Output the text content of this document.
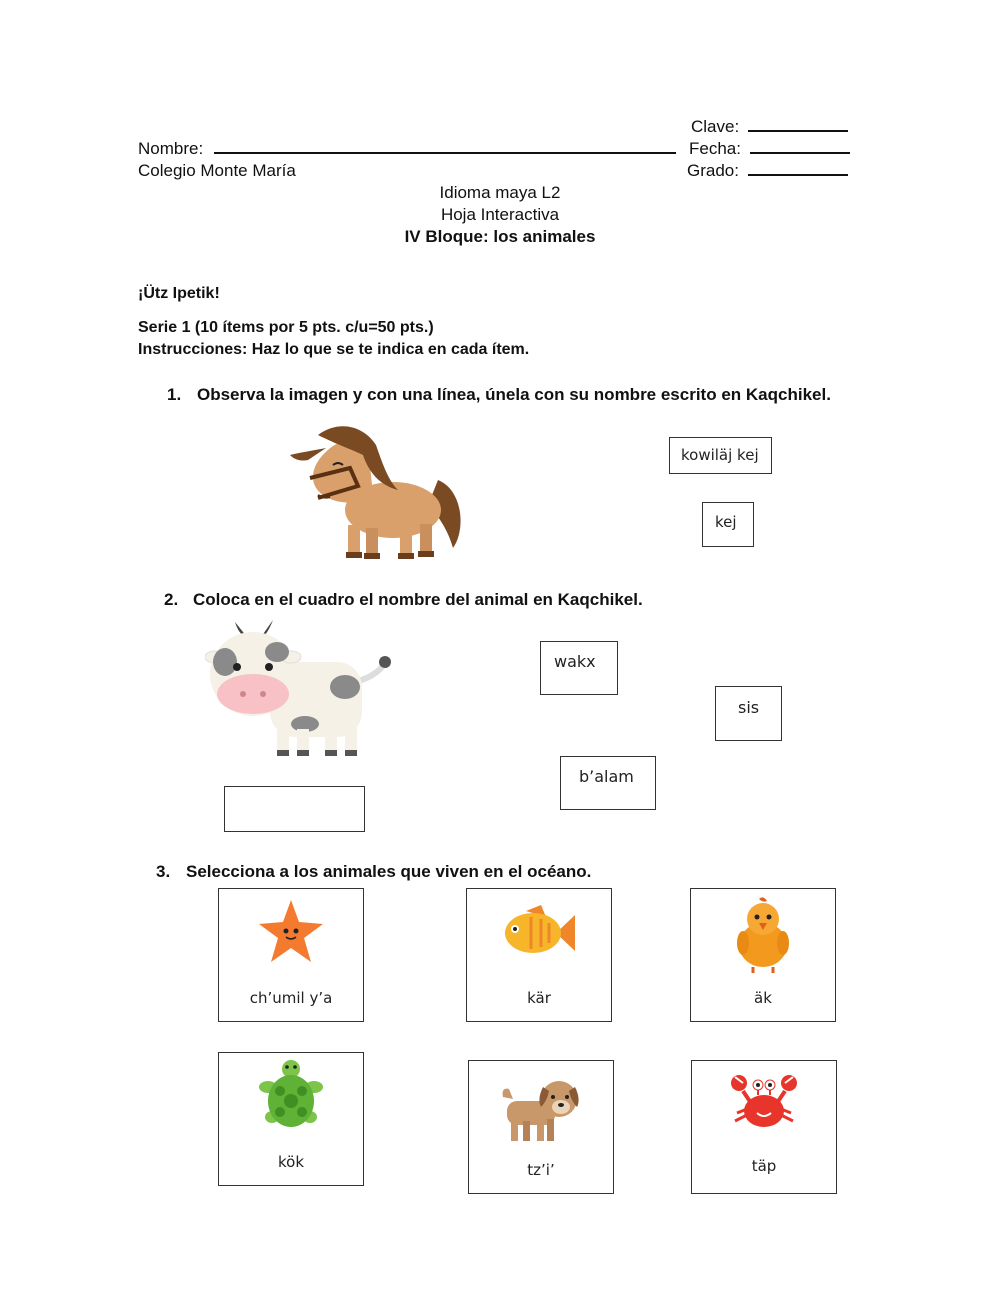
Clave:
Nombre:	Fecha:
Colegio Monte María	Grado:
Idioma maya L2
Hoja Interactiva
IV Bloque: los animales
¡Ütz Ipetik!
Serie 1 (10 ítems por 5 pts. c/u=50 pts.)
Instrucciones: Haz lo que se te indica en cada ítem.
1. Observa la imagen y con una línea, únela con su nombre escrito en Kaqchikel.
kowiläj kej
kej
2. Coloca en el cuadro el nombre del animal en Kaqchikel.
wakx
sis
b’alam
3. Selecciona a los animales que viven en el océano.
ch’umil y’a	kär	äk
kök	tz’i’	täp
